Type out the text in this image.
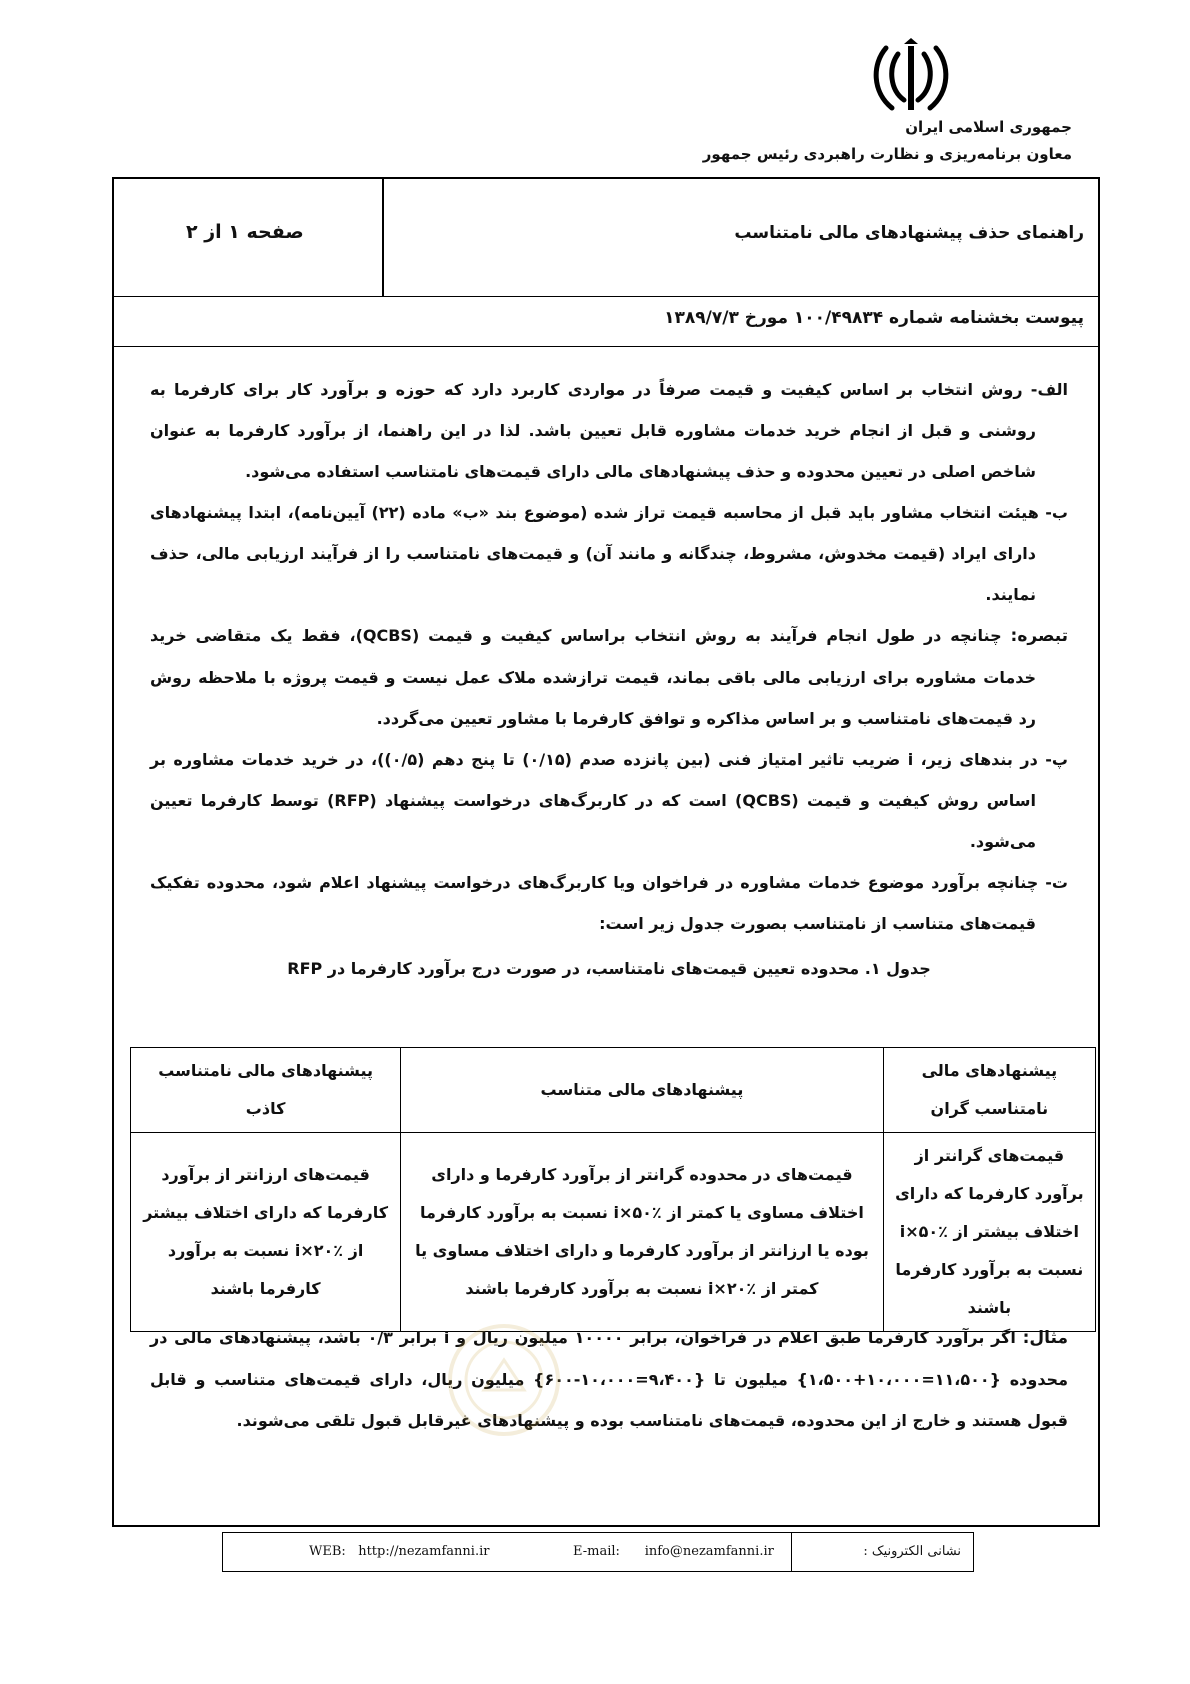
جمهوری اسلامی ایران
معاون برنامه‌ریزی و نظارت راهبردی رئیس جمهور
راهنمای حذف پیشنهادهای مالی نامتناسب
صفحه ۱ از ۲
پیوست بخشنامه شماره ۱۰۰/۴۹۸۳۴ مورخ ۱۳۸۹/۷/۳

الف- روش انتخاب بر اساس کیفیت و قیمت صرفاً در مواردی کاربرد دارد که حوزه و برآورد کار برای کارفرما به روشنی و قبل از انجام خرید خدمات مشاوره قابل تعیین باشد. لذا در این راهنما، از برآورد کارفرما به عنوان شاخص اصلی در تعیین محدوده و حذف پیشنهادهای مالی دارای قیمت‌های نامتناسب استفاده می‌شود.

ب- هیئت انتخاب مشاور باید قبل از محاسبه قیمت تراز شده (موضوع بند «ب» ماده (۲۲) آیین‌نامه)، ابتدا پیشنهادهای دارای ایراد (قیمت مخدوش، مشروط، چندگانه و مانند آن) و قیمت‌های نامتناسب را از فرآیند ارزیابی مالی، حذف نمایند.

تبصره: چنانچه در طول انجام فرآیند به روش انتخاب براساس کیفیت و قیمت (QCBS)، فقط یک متقاضی خرید خدمات مشاوره برای ارزیابی مالی باقی بماند، قیمت ترازشده ملاک عمل نیست و قیمت پروژه با ملاحظه روش رد قیمت‌های نامتناسب و بر اساس مذاکره و توافق کارفرما با مشاور تعیین می‌گردد.

پ- در بندهای زیر، i ضریب تاثیر امتیاز فنی (بین پانزده صدم (۰/۱۵) تا پنج دهم (۰/۵))، در خرید خدمات مشاوره بر اساس روش کیفیت و قیمت (QCBS) است که در کاربرگ‌های درخواست پیشنهاد (RFP) توسط کارفرما تعیین می‌شود.

ت- چنانچه برآورد موضوع خدمات مشاوره در فراخوان ویا کاربرگ‌های درخواست پیشنهاد اعلام شود، محدوده تفکیک قیمت‌های متناسب از نامتناسب بصورت جدول زیر است:

جدول ۱. محدوده تعیین قیمت‌های نامتناسب، در صورت درج برآورد کارفرما در RFP
پیشنهادهای مالی نامتناسب گران	پیشنهادهای مالی متناسب	پیشنهادهای مالی نامتناسب کاذب
قیمت‌های گرانتر از برآورد کارفرما که دارای اختلاف بیشتر از i×۵۰٪ نسبت به برآورد کارفرما باشند	قیمت‌های در محدوده گرانتر از برآورد کارفرما و دارای اختلاف مساوی یا کمتر از i×۵۰٪ نسبت به برآورد کارفرما بوده یا ارزانتر از برآورد کارفرما و دارای اختلاف مساوی یا کمتر از i×۲۰٪ نسبت به برآورد کارفرما باشند	قیمت‌های ارزانتر از برآورد کارفرما که دارای اختلاف بیشتر از i×۲۰٪ نسبت به برآورد کارفرما باشند
مثال: اگر برآورد کارفرما طبق اعلام در فراخوان، برابر ۱۰۰۰۰ میلیون ریال و i برابر ۰/۳ باشد، پیشنهادهای مالی در محدوده {۱۱،۵۰۰=۱۰،۰۰۰+۱،۵۰۰} میلیون تا {۹،۴۰۰=۱۰،۰۰۰-۶۰۰} میلیون ریال، دارای قیمت‌های متناسب و قابل قبول هستند و خارج از این محدوده، قیمت‌های نامتناسب بوده و پیشنهادهای غیرقابل قبول تلقی می‌شوند.
نشانی الکترونیک :
E-mail: info@nezamfanni.ir
WEB: http://nezamfanni.ir
